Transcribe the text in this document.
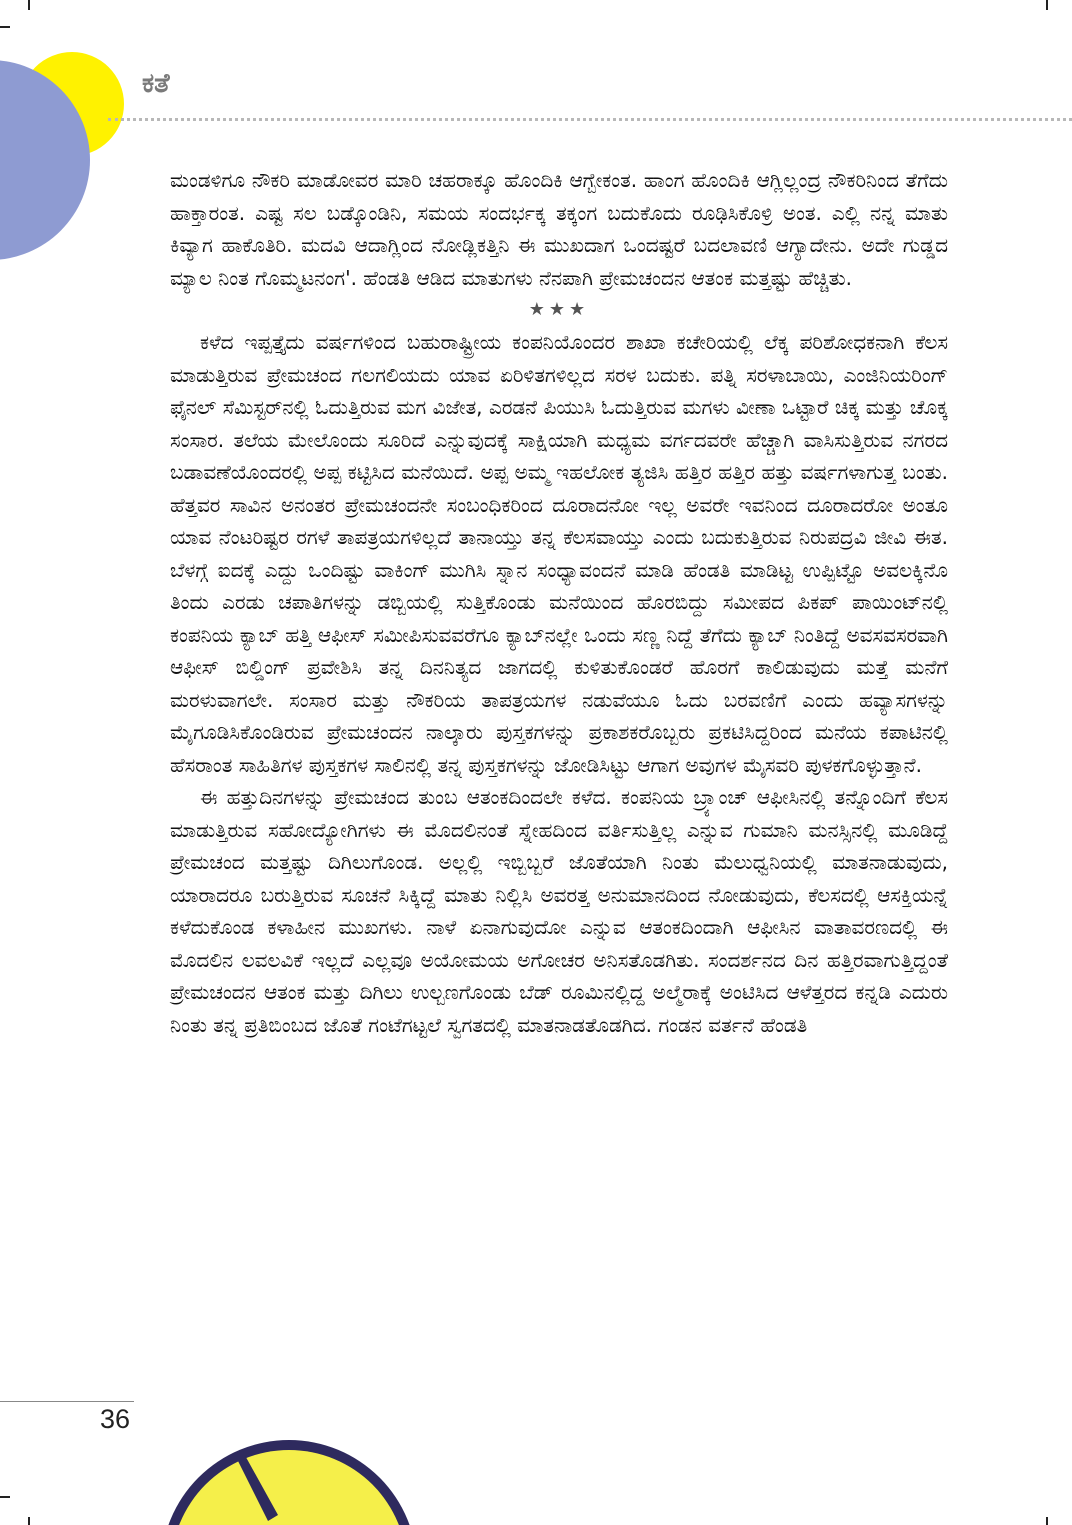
ಕತೆ

ಮಂಡಳಿಗೂ ನೌಕರಿ ಮಾಡೋವರ ಮಾರಿ ಚಹರಾಕ್ಕೂ ಹೊಂದಿಕಿ ಆಗ್ಬೇಕಂತ. ಹಾಂಗ ಹೊಂದಿಕಿ ಆಗ್ಲಿಲ್ಲಂದ್ರ ನೌಕರಿನಿಂದ ತೆಗೆದು ಹಾಕ್ತಾರಂತ. ಎಷ್ಟ ಸಲ ಬಡ್ಕೊಂಡಿನಿ, ಸಮಯ ಸಂದರ್ಭಕ್ಕ ತಕ್ಕಂಗ ಬದುಕೊದು ರೂಢಿಸಿಕೊಳ್ರಿ ಅಂತ. ಎಲ್ಲಿ ನನ್ನ ಮಾತು ಕಿವ್ಯಾಗ ಹಾಕೊತಿರಿ. ಮದವಿ ಆದಾಗ್ಲಿಂದ ನೋಡ್ಲಿಕತ್ತಿನಿ ಈ ಮುಖದಾಗ ಒಂದಷ್ಟರೆ ಬದಲಾವಣಿ ಆಗ್ಯಾದೇನು. ಅದೇ ಗುಡ್ಡದ ಮ್ಯಾಲ ನಿಂತ ಗೊಮ್ಮಟನಂಗ'. ಹೆಂಡತಿ ಆಡಿದ ಮಾತುಗಳು ನೆನಪಾಗಿ ಪ್ರೇಮಚಂದನ ಆತಂಕ ಮತ್ತಷ್ಟು ಹೆಚ್ಚಿತು.

★★★

ಕಳೆದ ಇಪ್ಪತ್ತೈದು ವರ್ಷಗಳಿಂದ ಬಹುರಾಷ್ಟ್ರೀಯ ಕಂಪನಿಯೊಂದರ ಶಾಖಾ ಕಚೇರಿಯಲ್ಲಿ ಲೆಕ್ಕ ಪರಿಶೋಧಕನಾಗಿ ಕೆಲಸ ಮಾಡುತ್ತಿರುವ ಪ್ರೇಮಚಂದ ಗಲಗಲಿಯದು ಯಾವ ಏರಿಳಿತಗಳಿಲ್ಲದ ಸರಳ ಬದುಕು. ಪತ್ನಿ ಸರಳಾಬಾಯಿ, ಎಂಜಿನಿಯರಿಂಗ್ ಫೈನಲ್ ಸೆಮಿಸ್ಟರ್‌ನಲ್ಲಿ ಓದುತ್ತಿರುವ ಮಗ ವಿಜೇತ, ಎರಡನೆ ಪಿಯುಸಿ ಓದುತ್ತಿರುವ ಮಗಳು ವೀಣಾ ಒಟ್ಟಾರೆ ಚಿಕ್ಕ ಮತ್ತು ಚೊಕ್ಕ ಸಂಸಾರ. ತಲೆಯ ಮೇಲೊಂದು ಸೂರಿದೆ ಎನ್ನುವುದಕ್ಕೆ ಸಾಕ್ಷಿಯಾಗಿ ಮಧ್ಯಮ ವರ್ಗದವರೇ ಹೆಚ್ಚಾಗಿ ವಾಸಿಸುತ್ತಿರುವ ನಗರದ ಬಡಾವಣೆಯೊಂದರಲ್ಲಿ ಅಪ್ಪ ಕಟ್ಟಿಸಿದ ಮನೆಯಿದೆ. ಅಪ್ಪ ಅಮ್ಮ ಇಹಲೋಕ ತ್ಯಜಿಸಿ ಹತ್ತಿರ ಹತ್ತಿರ ಹತ್ತು ವರ್ಷಗಳಾಗುತ್ತ ಬಂತು. ಹೆತ್ತವರ ಸಾವಿನ ಅನಂತರ ಪ್ರೇಮಚಂದನೇ ಸಂಬಂಧಿಕರಿಂದ ದೂರಾದನೋ ಇಲ್ಲ ಅವರೇ ಇವನಿಂದ ದೂರಾದರೋ ಅಂತೂ ಯಾವ ನೆಂಟರಿಷ್ಟರ ರಗಳೆ ತಾಪತ್ರಯಗಳಿಲ್ಲದೆ ತಾನಾಯ್ತು ತನ್ನ ಕೆಲಸವಾಯ್ತು ಎಂದು ಬದುಕುತ್ತಿರುವ ನಿರುಪದ್ರವಿ ಜೀವಿ ಈತ. ಬೆಳಗ್ಗೆ ಐದಕ್ಕೆ ಎದ್ದು ಒಂದಿಷ್ಟು ವಾಕಿಂಗ್ ಮುಗಿಸಿ ಸ್ನಾನ ಸಂಧ್ಯಾವಂದನೆ ಮಾಡಿ ಹೆಂಡತಿ ಮಾಡಿಟ್ಟ ಉಪ್ಪಿಟ್ಟೊ ಅವಲಕ್ಕಿನೊ ತಿಂದು ಎರಡು ಚಪಾತಿಗಳನ್ನು ಡಬ್ಬಿಯಲ್ಲಿ ಸುತ್ತಿಕೊಂಡು ಮನೆಯಿಂದ ಹೊರಬಿದ್ದು ಸಮೀಪದ ಪಿಕಪ್ ಪಾಯಿಂಟ್‌ನಲ್ಲಿ ಕಂಪನಿಯ ಕ್ಯಾಬ್ ಹತ್ತಿ ಆಫೀಸ್ ಸಮೀಪಿಸುವವರೆಗೂ ಕ್ಯಾಬ್‌ನಲ್ಲೇ ಒಂದು ಸಣ್ಣ ನಿದ್ದೆ ತೆಗೆದು ಕ್ಯಾಬ್ ನಿಂತಿದ್ದೆ ಅವಸವಸರವಾಗಿ ಆಫೀಸ್ ಬಿಲ್ಡಿಂಗ್ ಪ್ರವೇಶಿಸಿ ತನ್ನ ದಿನನಿತ್ಯದ ಜಾಗದಲ್ಲಿ ಕುಳಿತುಕೊಂಡರೆ ಹೊರಗೆ ಕಾಲಿಡುವುದು ಮತ್ತೆ ಮನೆಗೆ ಮರಳುವಾಗಲೇ. ಸಂಸಾರ ಮತ್ತು ನೌಕರಿಯ ತಾಪತ್ರಯಗಳ ನಡುವೆಯೂ ಓದು ಬರವಣಿಗೆ ಎಂದು ಹವ್ಯಾಸಗಳನ್ನು ಮೈಗೂಡಿಸಿಕೊಂಡಿರುವ ಪ್ರೇಮಚಂದನ ನಾಲ್ಕಾರು ಪುಸ್ತಕಗಳನ್ನು ಪ್ರಕಾಶಕರೊಬ್ಬರು ಪ್ರಕಟಿಸಿದ್ದರಿಂದ ಮನೆಯ ಕಪಾಟಿನಲ್ಲಿ ಹೆಸರಾಂತ ಸಾಹಿತಿಗಳ ಪುಸ್ತಕಗಳ ಸಾಲಿನಲ್ಲಿ ತನ್ನ ಪುಸ್ತಕಗಳನ್ನು ಜೋಡಿಸಿಟ್ಟು ಆಗಾಗ ಅವುಗಳ ಮೈಸವರಿ ಪುಳಕಗೊಳ್ಳುತ್ತಾನೆ.

ಈ ಹತ್ತುದಿನಗಳನ್ನು ಪ್ರೇಮಚಂದ ತುಂಬ ಆತಂಕದಿಂದಲೇ ಕಳೆದ. ಕಂಪನಿಯ ಬ್ರ್ಯಾಂಚ್ ಆಫೀಸಿನಲ್ಲಿ ತನ್ನೊಂದಿಗೆ ಕೆಲಸ ಮಾಡುತ್ತಿರುವ ಸಹೋದ್ಯೋಗಿಗಳು ಈ ಮೊದಲಿನಂತೆ ಸ್ನೇಹದಿಂದ ವರ್ತಿಸುತ್ತಿಲ್ಲ ಎನ್ನುವ ಗುಮಾನಿ ಮನಸ್ಸಿನಲ್ಲಿ ಮೂಡಿದ್ದೆ ಪ್ರೇಮಚಂದ ಮತ್ತಷ್ಟು ದಿಗಿಲುಗೊಂಡ. ಅಲ್ಲಲ್ಲಿ ಇಬ್ಬಿಬ್ಬರೆ ಜೊತೆಯಾಗಿ ನಿಂತು ಮೆಲುಧ್ವನಿಯಲ್ಲಿ ಮಾತನಾಡುವುದು, ಯಾರಾದರೂ ಬರುತ್ತಿರುವ ಸೂಚನೆ ಸಿಕ್ಕಿದ್ದೆ ಮಾತು ನಿಲ್ಲಿಸಿ ಅವರತ್ತ ಅನುಮಾನದಿಂದ ನೋಡುವುದು, ಕೆಲಸದಲ್ಲಿ ಆಸಕ್ತಿಯನ್ನೆ ಕಳೆದುಕೊಂಡ ಕಳಾಹೀನ ಮುಖಗಳು. ನಾಳೆ ಏನಾಗುವುದೋ ಎನ್ನುವ ಆತಂಕದಿಂದಾಗಿ ಆಫೀಸಿನ ವಾತಾವರಣದಲ್ಲಿ ಈ ಮೊದಲಿನ ಲವಲವಿಕೆ ಇಲ್ಲದೆ ಎಲ್ಲವೂ ಅಯೋಮಯ ಅಗೋಚರ ಅನಿಸತೊಡಗಿತು. ಸಂದರ್ಶನದ ದಿನ ಹತ್ತಿರವಾಗುತ್ತಿದ್ದಂತೆ ಪ್ರೇಮಚಂದನ ಆತಂಕ ಮತ್ತು ದಿಗಿಲು ಉಲ್ಬಣಗೊಂಡು ಬೆಡ್ ರೂಮಿನಲ್ಲಿದ್ದ ಅಲ್ಮೆರಾಕ್ಕೆ ಅಂಟಿಸಿದ ಆಳೆತ್ತರದ ಕನ್ನಡಿ ಎದುರು ನಿಂತು ತನ್ನ ಪ್ರತಿಬಿಂಬದ ಜೊತೆ ಗಂಟೆಗಟ್ಟಲೆ ಸ್ವಗತದಲ್ಲಿ ಮಾತನಾಡತೊಡಗಿದ. ಗಂಡನ ವರ್ತನೆ ಹೆಂಡತಿ

36
